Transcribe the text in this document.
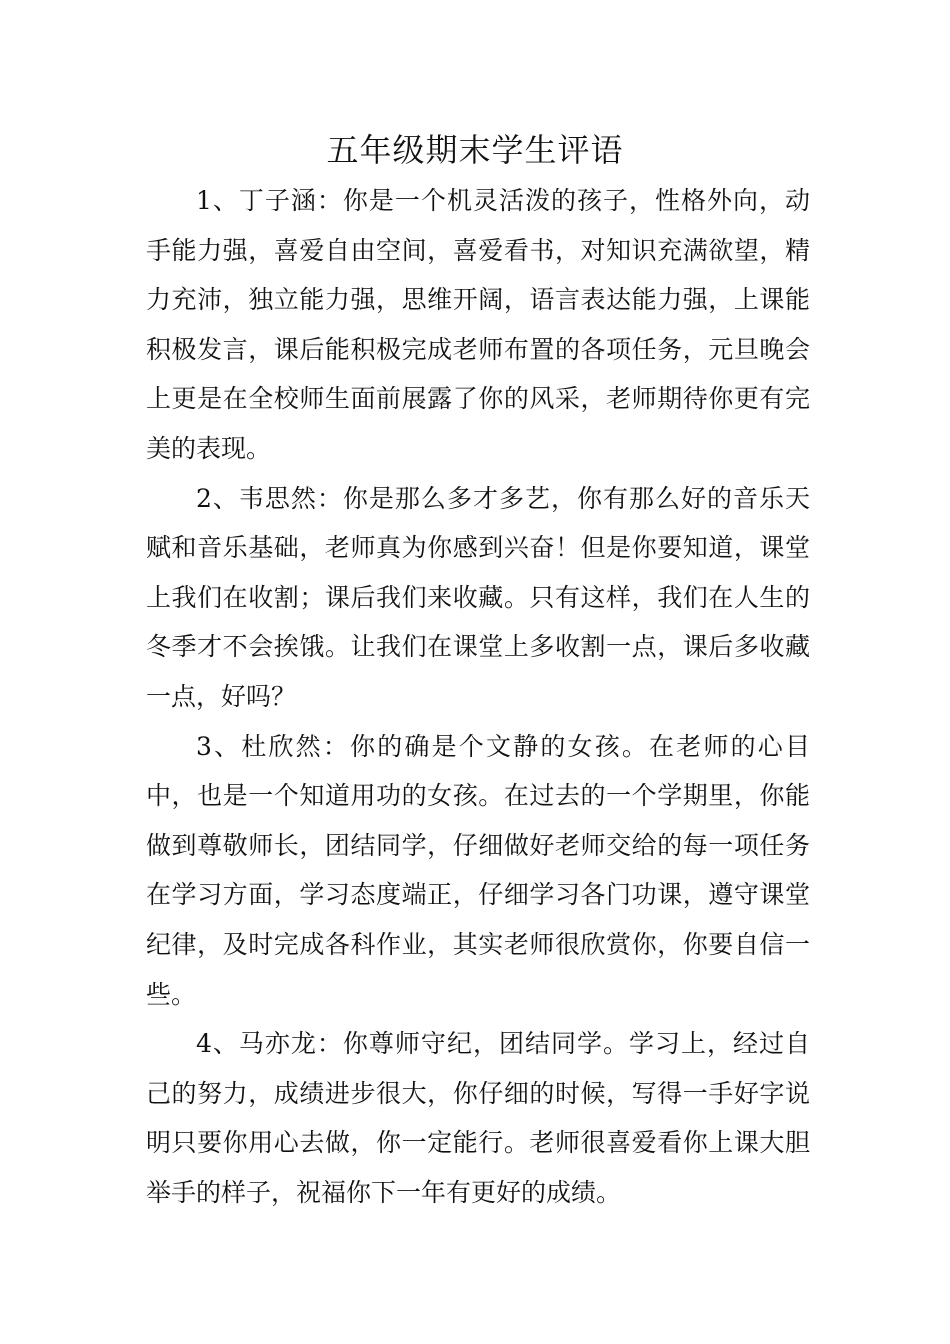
五年级期末学生评语

1、丁子涵：你是一个机灵活泼的孩子，性格外向，动手能力强，喜爱自由空间，喜爱看书，对知识充满欲望，精力充沛，独立能力强，思维开阔，语言表达能力强，上课能积极发言，课后能积极完成老师布置的各项任务，元旦晚会上更是在全校师生面前展露了你的风采，老师期待你更有完美的表现。

2、韦思然：你是那么多才多艺，你有那么好的音乐天赋和音乐基础，老师真为你感到兴奋！但是你要知道，课堂上我们在收割；课后我们来收藏。只有这样，我们在人生的冬季才不会挨饿。让我们在课堂上多收割一点，课后多收藏一点，好吗？

3、杜欣然：你的确是个文静的女孩。在老师的心目中，也是一个知道用功的女孩。在过去的一个学期里，你能做到尊敬师长，团结同学，仔细做好老师交给的每一项任务在学习方面，学习态度端正，仔细学习各门功课，遵守课堂纪律，及时完成各科作业，其实老师很欣赏你，你要自信一些。

4、马亦龙：你尊师守纪，团结同学。学习上，经过自己的努力，成绩进步很大，你仔细的时候，写得一手好字说明只要你用心去做，你一定能行。老师很喜爱看你上课大胆举手的样子，祝福你下一年有更好的成绩。
